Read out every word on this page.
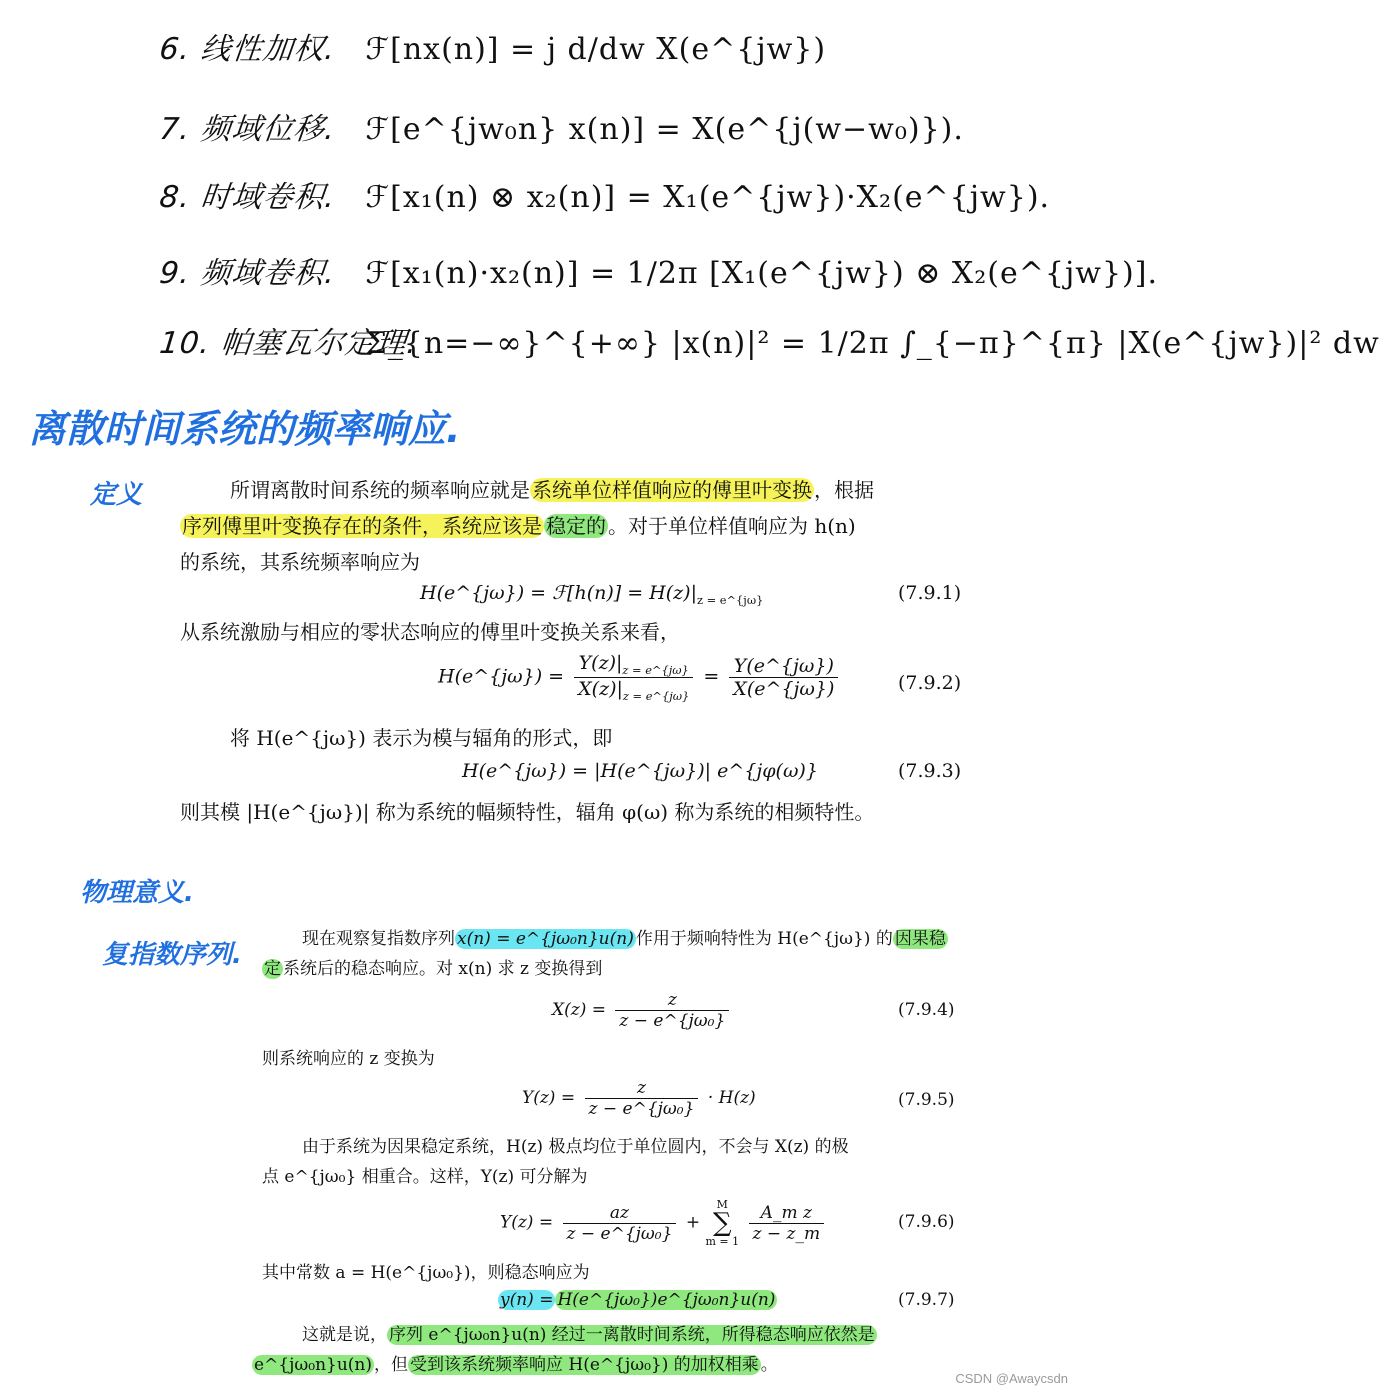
6. 线性加权. ℱ[nx(n)] = j d/dw X(e^{jw})
7. 频域位移. ℱ[e^{jw₀n} x(n)] = X(e^{j(w−w₀)}).
8. 时域卷积. ℱ[x₁(n) ⊗ x₂(n)] = X₁(e^{jw})·X₂(e^{jw}).
9. 频域卷积. ℱ[x₁(n)·x₂(n)] = 1/2π [X₁(e^{jw}) ⊗ X₂(e^{jw})].
10. 帕塞瓦尔定理. Σ_{n=−∞}^{+∞} |x(n)|² = 1/2π ∫_{−π}^{π} |X(e^{jw})|² dw
离散时间系统的频率响应.
定义
物理意义.
复指数序列.
所谓离散时间系统的频率响应就是 系统单位样值响应的傅里叶变换 ，根据
序列傅里叶变换存在的条件，系统应该是 稳定的 。对于单位样值响应为 h(n)
的系统，其系统频率响应为
H(e^{jω}) = ℱ[h(n)] = $H(z)|_{z = e\^{}\{j\omega\}}$	(7.9.1)
从系统激励与相应的零状态响应的傅里叶变换关系来看，
H(e^{jω}) = $\frac{Y(z)|_{z = e\^{}\{j\omega\}}}{X(z)|_{z = e\^{}\{j\omega\}}} = \frac{Y(e\^{}\{j\omega\})}{X(e\^{}\{j\omega\})}$	(7.9.2)
将 H(e^{jω}) 表示为模与辐角的形式，即
H(e^{jω}) = |H(e^{jω})| e^{jφ(ω)}	(7.9.3)
则其模 |H(e^{jω})| 称为系统的幅频特性，辐角 φ(ω) 称为系统的相频特性。
现在观察复指数序列 x(n) = e^{jω₀n}u(n) 作用于频响特性为 H(e^{jω}) 的 因果稳
定 系统后的稳态响应。对 x(n) 求 z 变换得到
$X(z) = \frac{z}{\text{z − e\textasciicircum{}\{jω₀\}}}$	(7.9.4)
则系统响应的 z 变换为
$Y(z) = \frac{z}{\text{z − e\textasciicircum{}\{jω₀\}}} \cdot H(z)$	(7.9.5)
由于系统为因果稳定系统，H(z) 极点均位于单位圆内，不会与 X(z) 的极
点 e^{jω₀} 相重合。这样，Y(z) 可分解为
$Y(z) = \frac{az}{\text{z − e\textasciicircum{}\{jω₀\}}}$ +
M
∑
m = 1
$\frac{\text{A\_m z}}{z - z\_m}$	(7.9.6)
其中常数 a = H(e^{jω₀})，则稳态响应为
y(n) = H(e^{jω₀})e^{jω₀n}u(n)	(7.9.7)
这就是说， 序列 e^{jω₀n}u(n) 经过一离散时间系统，所得稳态响应依然是
e^{jω₀n}u(n) ，但 受到该系统频率响应 H(e^{jω₀}) 的加权相乘 。
CSDN @Awaycsdn
